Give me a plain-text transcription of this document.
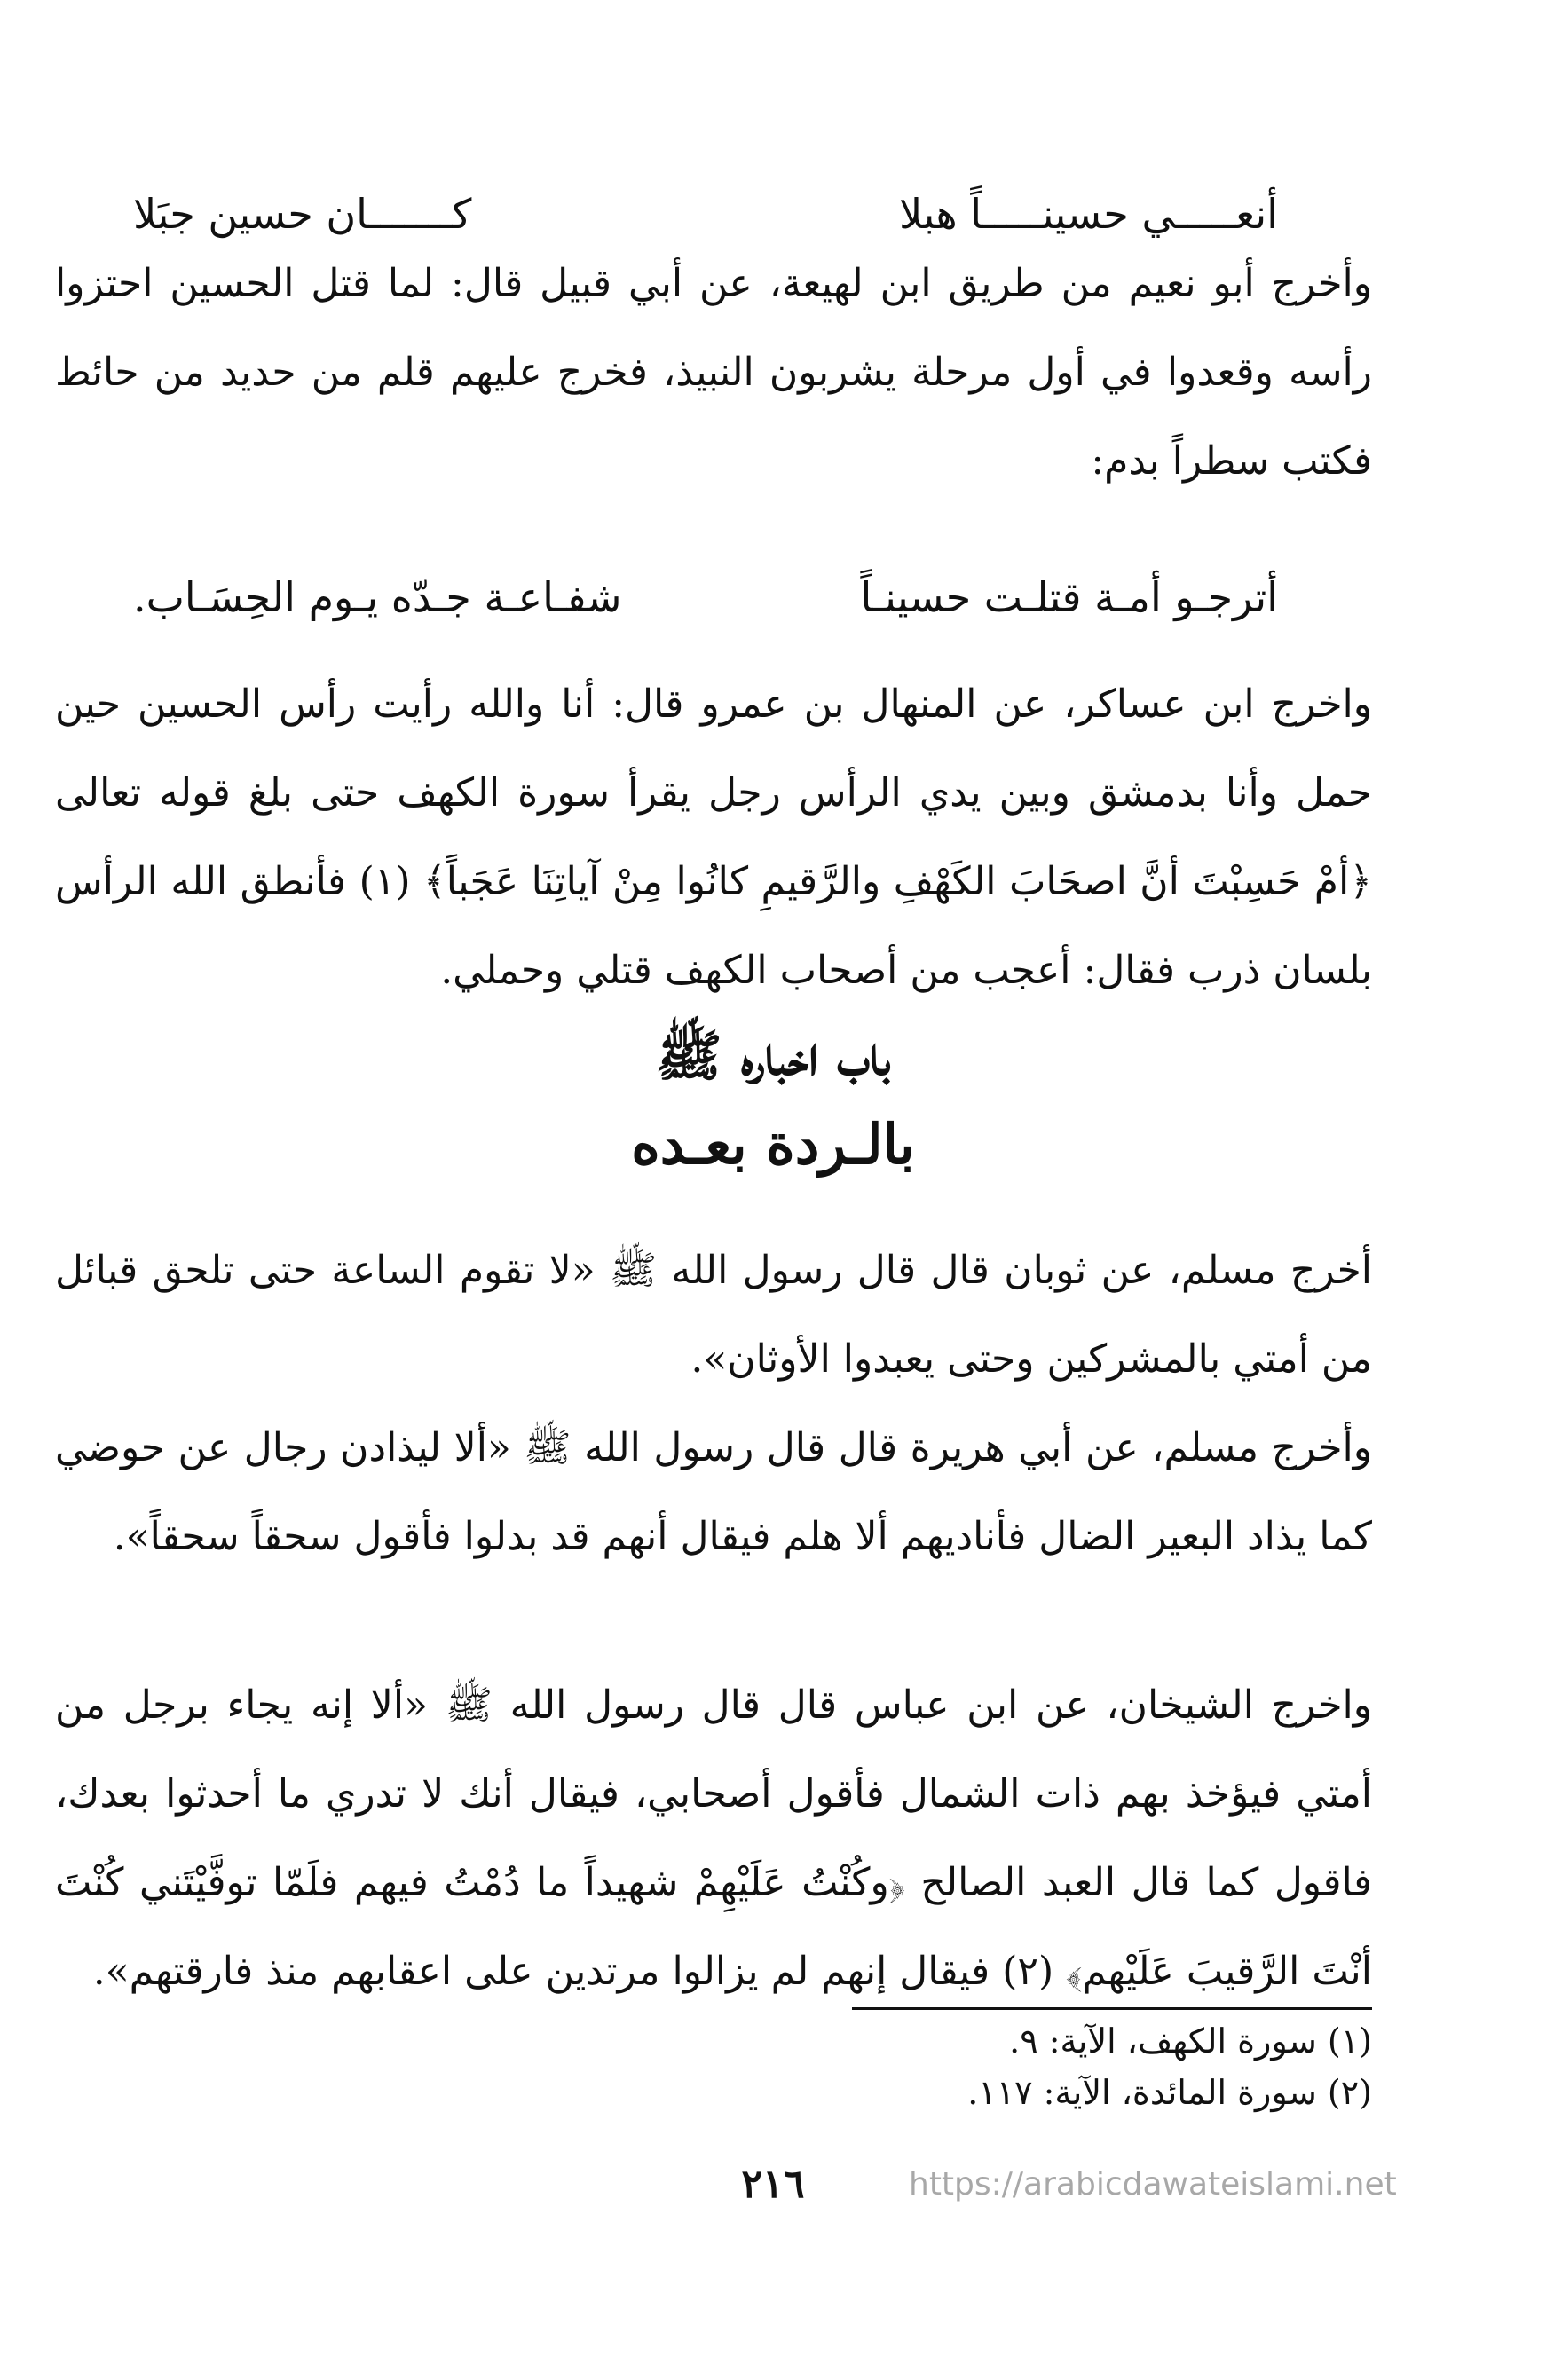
أنعـــــي حسينـــــاً هبلا
كـــــــان حسين جبَلا

وأخرج أبو نعيم من طريق ابن لهيعة، عن أبي قبيل قال: لما قتل الحسين احتزوا رأسه وقعدوا في أول مرحلة يشربون النبيذ، فخرج عليهم قلم من حديد من حائط فكتب سطراً بدم:

أترجـو أمـة قتلـت حسينـاً
شفـاعـة جـدّه يـوم الحِسَـاب.

واخرج ابن عساكر، عن المنهال بن عمرو قال: أنا والله رأيت رأس الحسين حين حمل وأنا بدمشق وبين يدي الرأس رجل يقرأ سورة الكهف حتى بلغ قوله تعالى ﴿أمْ حَسِبْتَ أنَّ اصحَابَ الكَهْفِ والرَّقيمِ كانُوا مِنْ آياتِنَا عَجَباً﴾ (١) فأنطق الله الرأس بلسان ذرب فقال: أعجب من أصحاب الكهف قتلي وحملي.

باب اخباره ﷺ
بالـردة بعـده

أخرج مسلم، عن ثوبان قال قال رسول الله ﷺ «لا تقوم الساعة حتى تلحق قبائل من أمتي بالمشركين وحتى يعبدوا الأوثان».

وأخرج مسلم، عن أبي هريرة قال قال رسول الله ﷺ «ألا ليذادن رجال عن حوضي كما يذاد البعير الضال فأناديهم ألا هلم فيقال أنهم قد بدلوا فأقول سحقاً سحقاً».

واخرج الشيخان، عن ابن عباس قال قال رسول الله ﷺ «ألا إنه يجاء برجل من أمتي فيؤخذ بهم ذات الشمال فأقول أصحابي، فيقال أنك لا تدري ما أحدثوا بعدك، فاقول كما قال العبد الصالح ﴿وكُنْتُ عَلَيْهِمْ شهيداً ما دُمْتُ فيهم فلَمّا توفَّيْتَني كُنْتَ أنْتَ الرَّقيبَ عَلَيْهم﴾ (٢) فيقال إنهم لم يزالوا مرتدين على اعقابهم منذ فارقتهم».

(١) سورة الكهف، الآية: ٩.
(٢) سورة المائدة، الآية: ١١٧.
٢١٦	https://arabicdawateislami.net
